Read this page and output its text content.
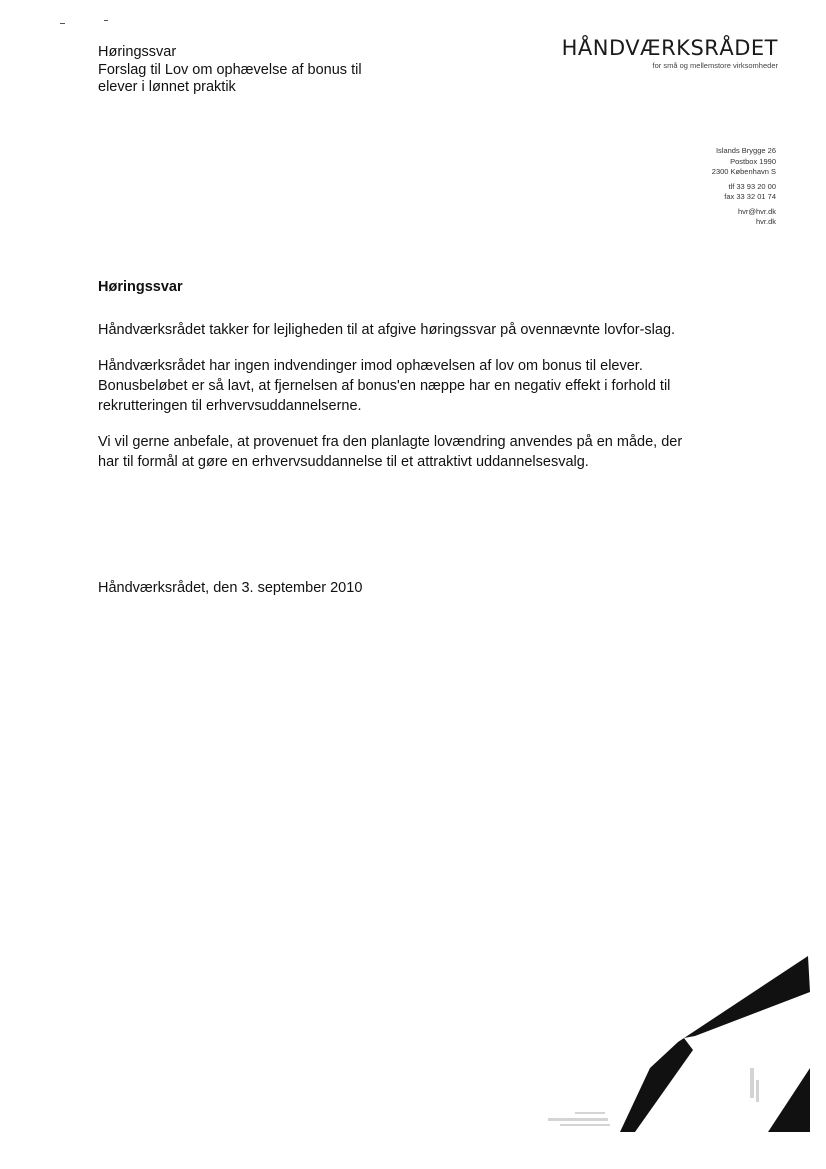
Høringssvar
Forslag til Lov om ophævelse af bonus til
elever i lønnet praktik
HÅNDVÆRKSRÅDET
for små og mellemstore virksomheder
Islands Brygge 26
Postbox 1990
2300 København S
tlf 33 93 20 00
fax 33 32 01 74
hvr@hvr.dk
hvr.dk
Høringssvar

Håndværksrådet takker for lejligheden til at afgive høringssvar på ovennævnte lovfor-slag.

Håndværksrådet har ingen indvendinger imod ophævelsen af lov om bonus til elever. Bonusbeløbet er så lavt, at fjernelsen af bonus'en næppe har en negativ effekt i forhold til rekrutteringen til erhvervsuddannelserne.

Vi vil gerne anbefale, at provenuet fra den planlagte lovændring anvendes på en måde, der har til formål at gøre en erhvervsuddannelse til et attraktivt uddannelsesvalg.

Håndværksrådet, den 3. september 2010
